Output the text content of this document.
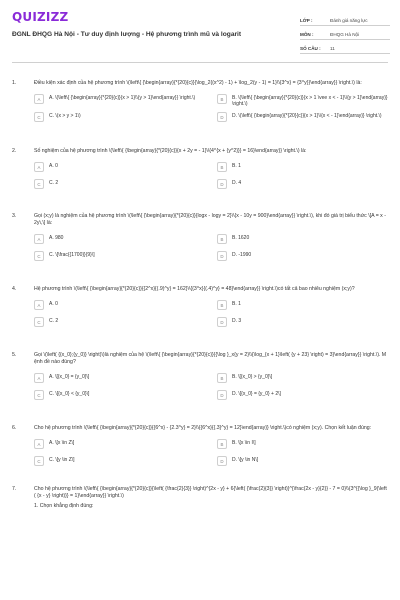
QUIZIZZ
ĐGNL ĐHQG Hà Nội - Tư duy định lượng - Hệ phương trình mũ và logarit
LỚP :	Đánh giá năng lực
MÔN :	ĐHQG Hà Nội
SỐ CÂU :	11
1.	Điều kiện xác định của hệ phương trình \(\left\{ {\begin{array}{*{20}{c}}{\log_2{(x^2) - 1) + \log_2(y - 1) = 1}\\{3^x} = {3^y}}\end{array}} \right.\) là:
A	A. \(\left\{ {\begin{array}{*{20}{c}}{x > 1}\\{y > 1}\end{array}} \right.\)	B	B. \(\left\{ {\begin{array}{*{20}{c}}{x > 1 \vee x < - 1}\\{y > 1}\end{array}} \right.\)
C	C. \(x > y > 1\)	D	D. \(\left\{ {\begin{array}{*{20}{c}}{x > 1}\\{x < - 1}\end{array}} \right.\)
2.	Số nghiệm của hệ phương trình \(\left\{ {\begin{array}{*{20}{c}}{x + 2y = - 1}\\{4^{x + {y^2}}} = 16}\end{array}} \right.\) là:
A	A. 0	B	B. 1
C	C. 2	D	D. 4
3.	Gọi (x;y) là nghiệm của hệ phương trình \(\left\{ {\begin{array}{*{20}{c}}{logx - logy = 2}\\{x - 10y = 900}\end{array}} \right.\), khi đó giá trị biểu thức \[A = x - 2y\,\] là:
A	A. 980	B	B. 1620
C	C. \[\frac{{1700}}{9}\]	D	D. -1990
4.	Hệ phương trình \(\left\{ {\begin{array}{*{20}{c}}{{2^x}{(.9)^y} = 162}\\{{3^x}{(.4)^y} = 48}\end{array}} \right.\)có tất cả bao nhiêu nghiệm (x;y)?
A	A. 0	B	B. 1
C	C. 2	D	D. 3
5.	Gọi \(\left( {{x_0};{y_0}} \right)\)là nghiệm của hệ \(\left\{ {\begin{array}{*{20}{c}}{{\log }_x{y = 2}\\{\log_{x + 1}\left( {y + 23} \right) = 3}\end{array}} \right.\). Mệnh đề nào đúng?
A	A. \[{x_0} = {y_0}\]	B	B. \[{x_0} > {y_0}\]
C	C. \[{x_0} < {y_0}\]	D	D. \[{x_0} = {y_0} + 2\]
6.	Cho hệ phương trình \(\left\{ {\begin{array}{*{20}{c}}{{6^x} - {2.3^y} = 2}\\{{6^x}{{.3}^y} = 12}\end{array}} \right.\)có nghiệm (x;y). Chọn kết luận đúng:
A	A. \[x \in Z\]	B	B. \[x \in I\]
C	C. \[y \in Z\]	D	D. \[y \in N\]
7.	Cho hệ phương trình \(\left\{ {\begin{array}{*{20}{c}}{\left( {\frac{2}{3}} \right)^{2x - y} + 6{\left( {\frac{2}{3}} \right)}^{\frac{2x - y}{2}} - 7 = 0}\\{3^{{\log }_9(\left( {x - y} \right)}} = 1}\end{array}} \right.\)
1. Chọn khẳng định đúng:
